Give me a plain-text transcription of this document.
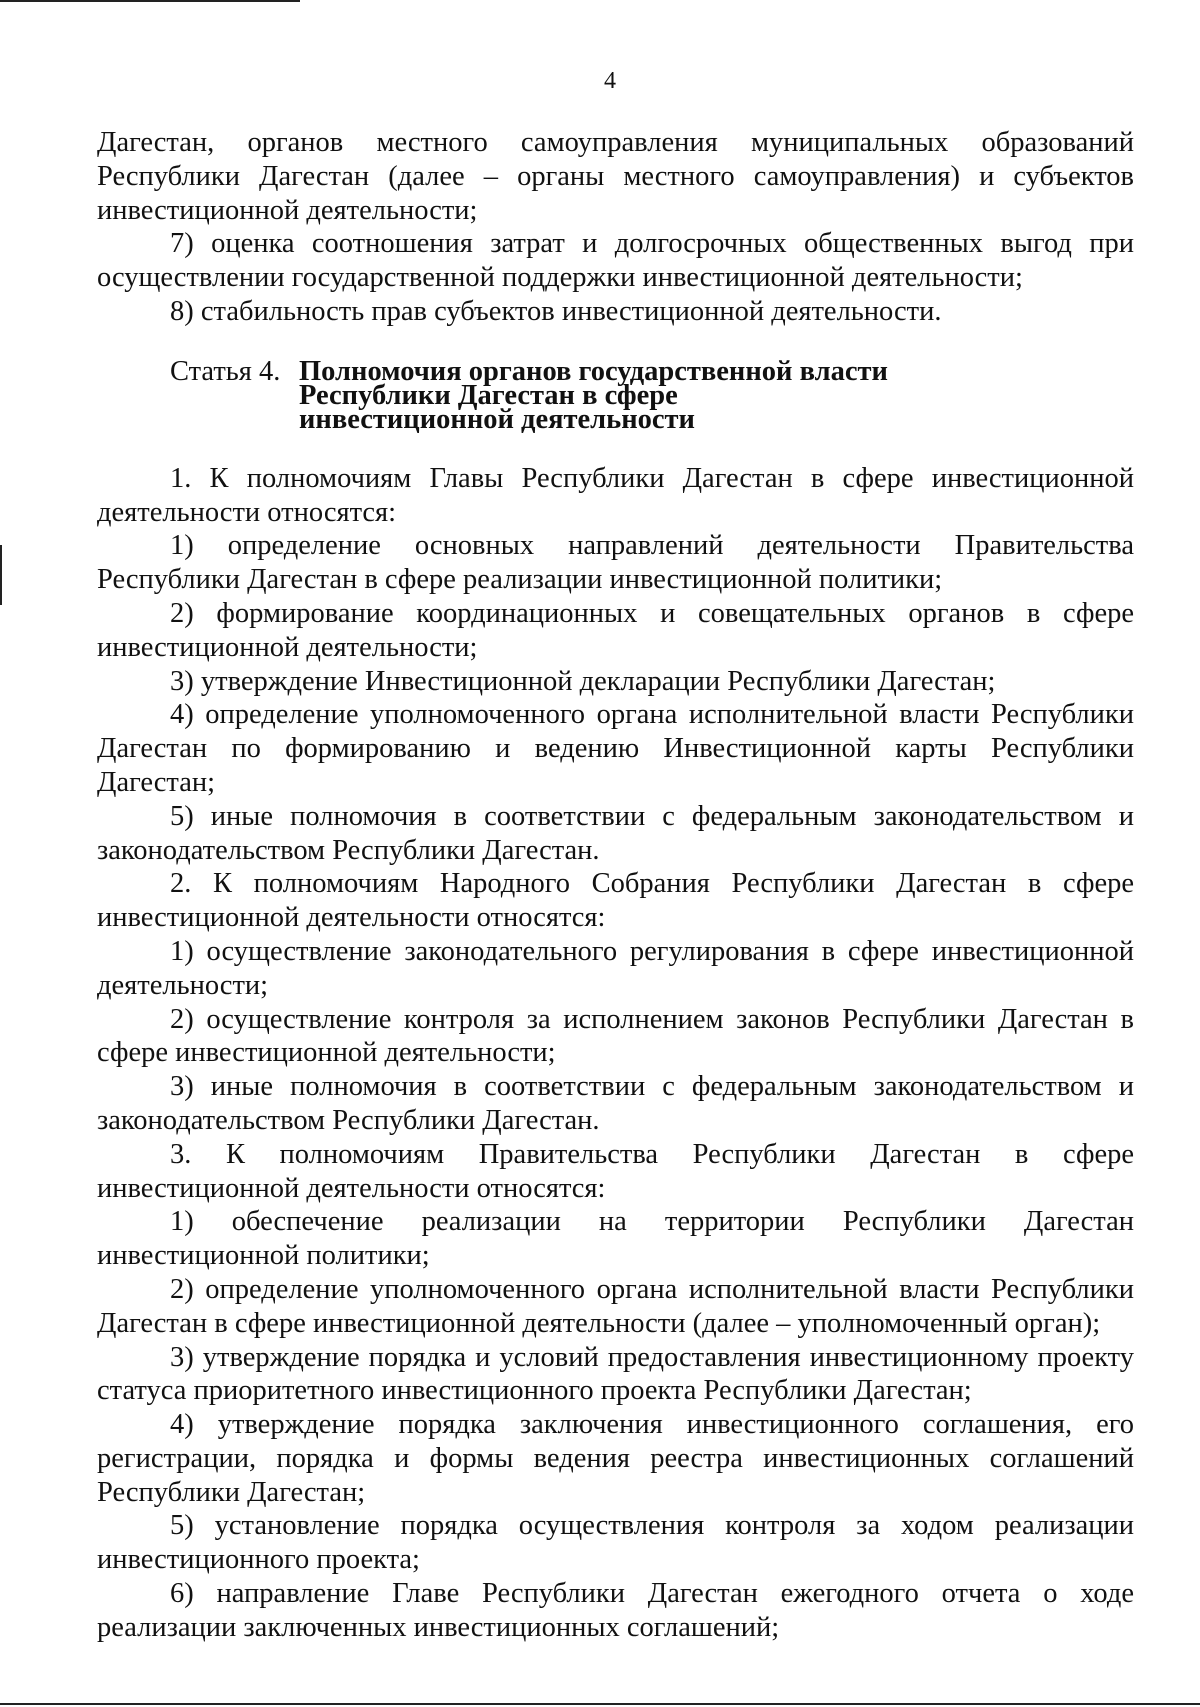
4

Дагестан, органов местного самоуправления муниципальных образований Республики Дагестан (далее – органы местного самоуправления) и субъектов инвестиционной деятельности;

7) оценка соотношения затрат и долгосрочных общественных выгод при осуществлении государственной поддержки инвестиционной деятельности;

8) стабильность прав субъектов инвестиционной деятельности.

Статья 4. Полномочия органов государственной власти
Республики Дагестан в сфере
инвестиционной деятельности

1. К полномочиям Главы Республики Дагестан в сфере инвестиционной деятельности относятся:

1) определение основных направлений деятельности Правительства Республики Дагестан в сфере реализации инвестиционной политики;

2) формирование координационных и совещательных органов в сфере инвестиционной деятельности;

3) утверждение Инвестиционной декларации Республики Дагестан;

4) определение уполномоченного органа исполнительной власти Республики Дагестан по формированию и ведению Инвестиционной карты Республики Дагестан;

5) иные полномочия в соответствии с федеральным законодательством и законодательством Республики Дагестан.

2. К полномочиям Народного Собрания Республики Дагестан в сфере инвестиционной деятельности относятся:

1) осуществление законодательного регулирования в сфере инвестиционной деятельности;

2) осуществление контроля за исполнением законов Республики Дагестан в сфере инвестиционной деятельности;

3) иные полномочия в соответствии с федеральным законодательством и законодательством Республики Дагестан.

3. К полномочиям Правительства Республики Дагестан в сфере инвестиционной деятельности относятся:

1) обеспечение реализации на территории Республики Дагестан инвестиционной политики;

2) определение уполномоченного органа исполнительной власти Республики Дагестан в сфере инвестиционной деятельности (далее – уполномоченный орган);

3) утверждение порядка и условий предоставления инвестиционному проекту статуса приоритетного инвестиционного проекта Республики Дагестан;

4) утверждение порядка заключения инвестиционного соглашения, его регистрации, порядка и формы ведения реестра инвестиционных соглашений Республики Дагестан;

5) установление порядка осуществления контроля за ходом реализации инвестиционного проекта;

6) направление Главе Республики Дагестан ежегодного отчета о ходе реализации заключенных инвестиционных соглашений;
